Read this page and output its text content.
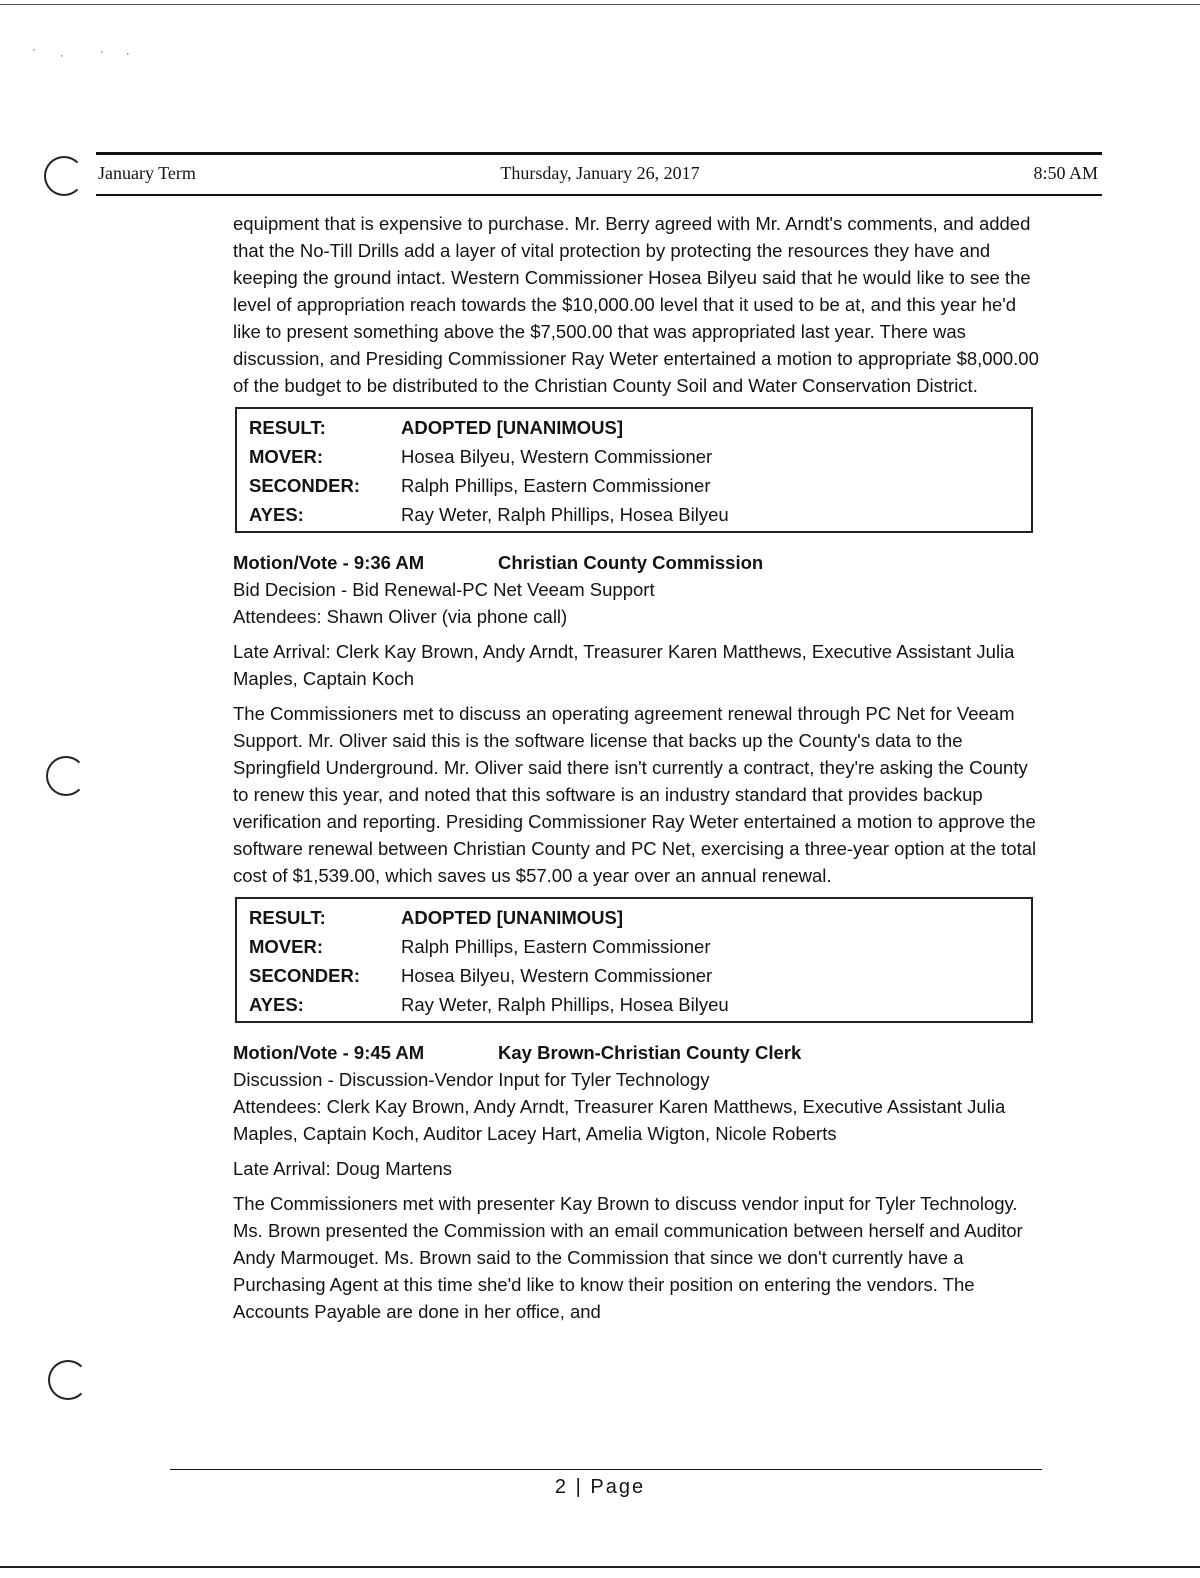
· ·	· ·
January Term	Thursday, January 26, 2017	8:50 AM

equipment that is expensive to purchase. Mr. Berry agreed with Mr. Arndt's comments, and added that the No-Till Drills add a layer of vital protection by protecting the resources they have and keeping the ground intact. Western Commissioner Hosea Bilyeu said that he would like to see the level of appropriation reach towards the $10,000.00 level that it used to be at, and this year he'd like to present something above the $7,500.00 that was appropriated last year. There was discussion, and Presiding Commissioner Ray Weter entertained a motion to appropriate $8,000.00 of the budget to be distributed to the Christian County Soil and Water Conservation District.

RESULT:	ADOPTED [UNANIMOUS]
MOVER:	Hosea Bilyeu, Western Commissioner
SECONDER:	Ralph Phillips, Eastern Commissioner
AYES:	Ray Weter, Ralph Phillips, Hosea Bilyeu
Motion/Vote - 9:36 AM	Christian County Commission
Bid Decision - Bid Renewal-PC Net Veeam Support
Attendees: Shawn Oliver (via phone call)

Late Arrival: Clerk Kay Brown, Andy Arndt, Treasurer Karen Matthews, Executive Assistant Julia Maples, Captain Koch

The Commissioners met to discuss an operating agreement renewal through PC Net for Veeam Support. Mr. Oliver said this is the software license that backs up the County's data to the Springfield Underground. Mr. Oliver said there isn't currently a contract, they're asking the County to renew this year, and noted that this software is an industry standard that provides backup verification and reporting. Presiding Commissioner Ray Weter entertained a motion to approve the software renewal between Christian County and PC Net, exercising a three-year option at the total cost of $1,539.00, which saves us $57.00 a year over an annual renewal.

RESULT:	ADOPTED [UNANIMOUS]
MOVER:	Ralph Phillips, Eastern Commissioner
SECONDER:	Hosea Bilyeu, Western Commissioner
AYES:	Ray Weter, Ralph Phillips, Hosea Bilyeu
Motion/Vote - 9:45 AM	Kay Brown-Christian County Clerk
Discussion - Discussion-Vendor Input for Tyler Technology
Attendees: Clerk Kay Brown, Andy Arndt, Treasurer Karen Matthews, Executive Assistant Julia Maples, Captain Koch, Auditor Lacey Hart, Amelia Wigton, Nicole Roberts

Late Arrival: Doug Martens

The Commissioners met with presenter Kay Brown to discuss vendor input for Tyler Technology. Ms. Brown presented the Commission with an email communication between herself and Auditor Andy Marmouget. Ms. Brown said to the Commission that since we don't currently have a Purchasing Agent at this time she'd like to know their position on entering the vendors. The Accounts Payable are done in her office, and

2 | Page
